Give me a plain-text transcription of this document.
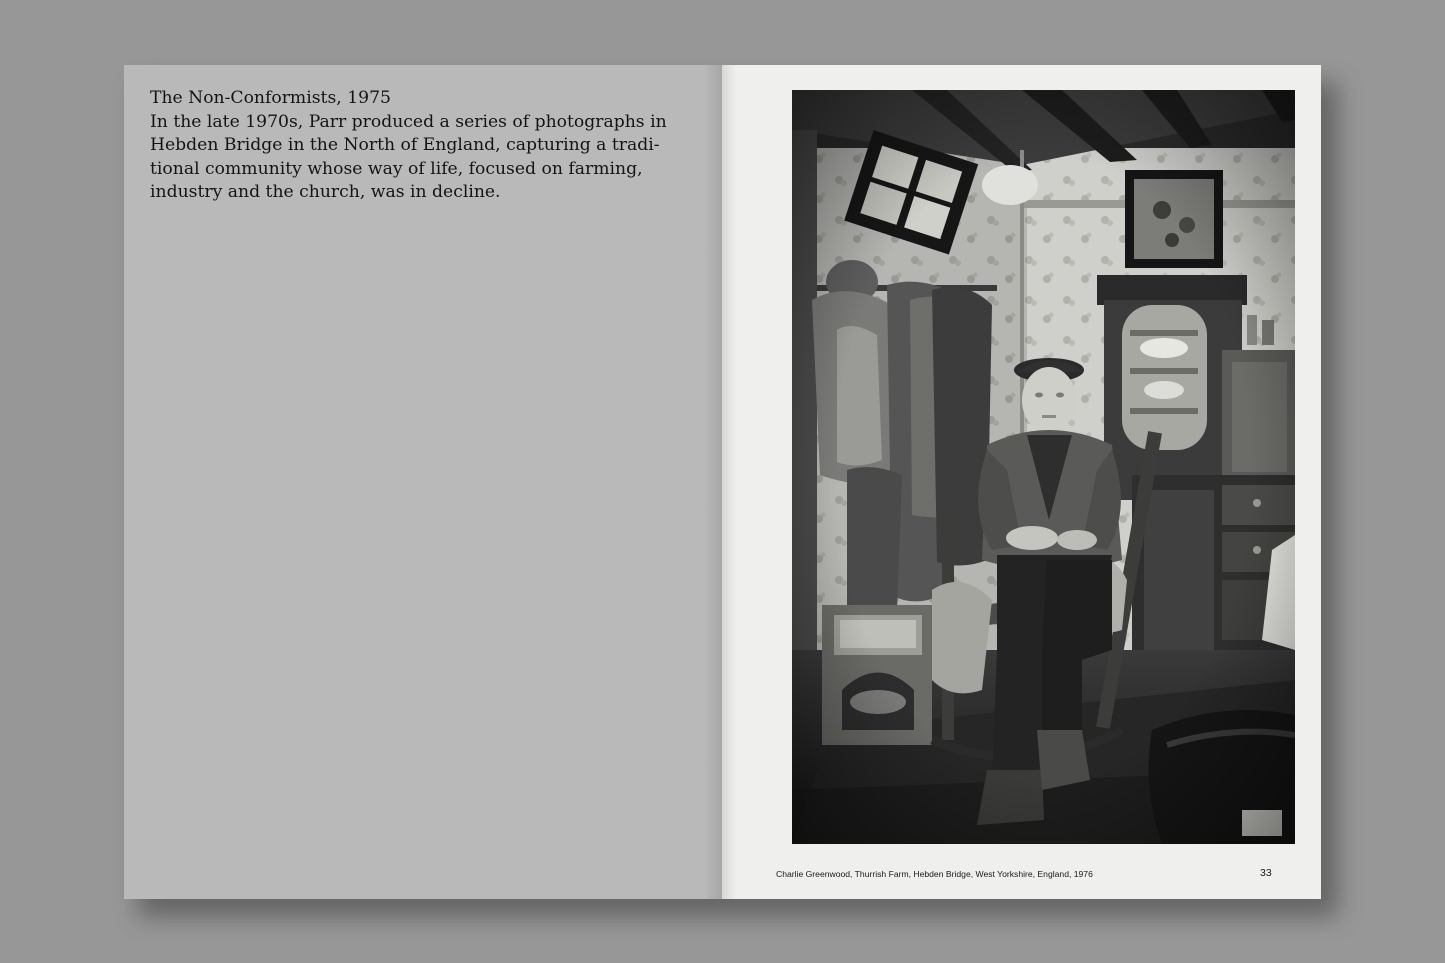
The Non-Conformists, 1975
In the late 1970s, Parr produced a series of photographs in
Hebden Bridge in the North of England, capturing a tradi-
tional community whose way of life, focused on farming,
industry and the church, was in decline.
Charlie Greenwood, Thurrish Farm, Hebden Bridge, West Yorkshire, England, 1976	33
